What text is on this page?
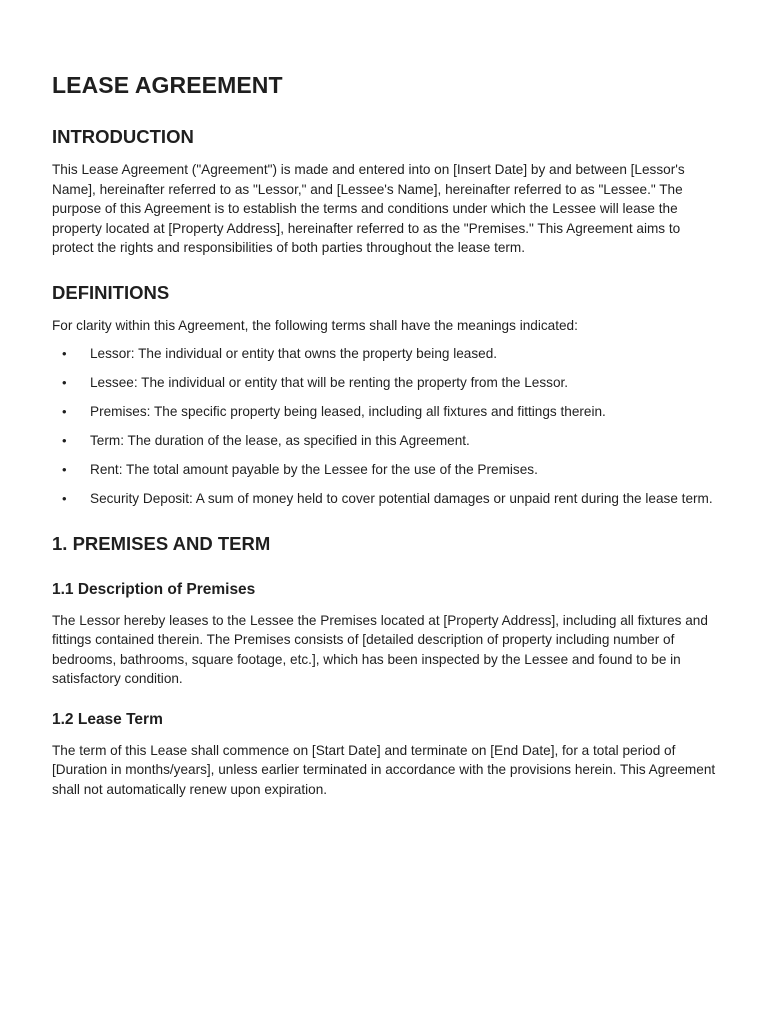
LEASE AGREEMENT
INTRODUCTION

This Lease Agreement ("Agreement") is made and entered into on [Insert Date] by and between [Lessor's Name], hereinafter referred to as "Lessor," and [Lessee's Name], hereinafter referred to as "Lessee." The purpose of this Agreement is to establish the terms and conditions under which the Lessee will lease the property located at [Property Address], hereinafter referred to as the "Premises." This Agreement aims to protect the rights and responsibilities of both parties throughout the lease term.

DEFINITIONS

For clarity within this Agreement, the following terms shall have the meanings indicated:

• Lessor: The individual or entity that owns the property being leased.
• Lessee: The individual or entity that will be renting the property from the Lessor.
• Premises: The specific property being leased, including all fixtures and fittings therein.
• Term: The duration of the lease, as specified in this Agreement.
• Rent: The total amount payable by the Lessee for the use of the Premises.
• Security Deposit: A sum of money held to cover potential damages or unpaid rent during the lease term.
1. PREMISES AND TERM
1.1 Description of Premises

The Lessor hereby leases to the Lessee the Premises located at [Property Address], including all fixtures and fittings contained therein. The Premises consists of [detailed description of property including number of bedrooms, bathrooms, square footage, etc.], which has been inspected by the Lessee and found to be in satisfactory condition.

1.2 Lease Term

The term of this Lease shall commence on [Start Date] and terminate on [End Date], for a total period of [Duration in months/years], unless earlier terminated in accordance with the provisions herein. This Agreement shall not automatically renew upon expiration.
